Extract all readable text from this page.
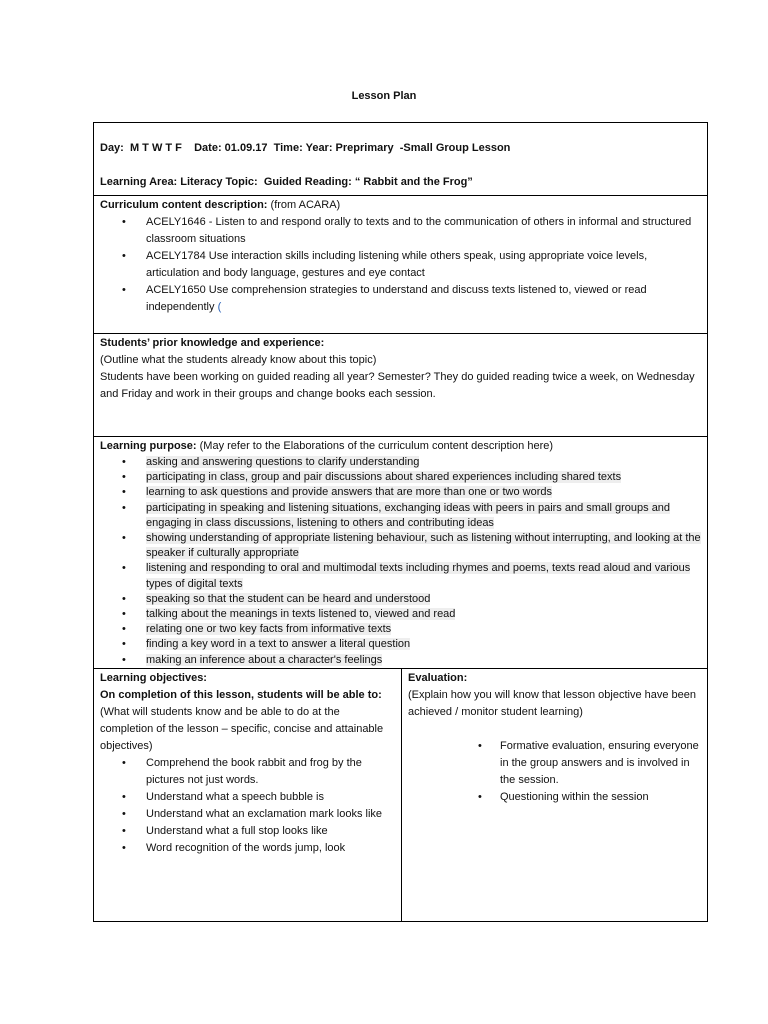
Lesson Plan
Day:  M T W T F    Date: 01.09.17  Time: Year: Preprimary  -Small Group Lesson
Learning Area: Literacy Topic:  Guided Reading: “ Rabbit and the Frog”
Curriculum content description: (from ACARA)
• ACELY1646 - Listen to and respond orally to texts and to the communication of others in informal and structured classroom situations
• ACELY1784 Use interaction skills including listening while others speak, using appropriate voice levels, articulation and body language, gestures and eye contact
• ACELY1650 Use comprehension strategies to understand and discuss texts listened to, viewed or read independently (
Students’ prior knowledge and experience:
(Outline what the students already know about this topic)
Students have been working on guided reading all year? Semester? They do guided reading twice a week, on Wednesday and Friday and work in their groups and change books each session.
Learning purpose: (May refer to the Elaborations of the curriculum content description here)
• asking and answering questions to clarify understanding
• participating in class, group and pair discussions about shared experiences including shared texts
• learning to ask questions and provide answers that are more than one or two words
• participating in speaking and listening situations, exchanging ideas with peers in pairs and small groups and engaging in class discussions, listening to others and contributing ideas
• showing understanding of appropriate listening behaviour, such as listening without interrupting, and looking at the speaker if culturally appropriate
• listening and responding to oral and multimodal texts including rhymes and poems, texts read aloud and various types of digital texts
• speaking so that the student can be heard and understood
• talking about the meanings in texts listened to, viewed and read
• relating one or two key facts from informative texts
• finding a key word in a text to answer a literal question
• making an inference about a character's feelings
Learning objectives:
On completion of this lesson, students will be able to:
(What will students know and be able to do at the completion of the lesson – specific, concise and attainable objectives)
• Comprehend the book rabbit and frog by the pictures not just words.
• Understand what a speech bubble is
• Understand what an exclamation mark looks like
• Understand what a full stop looks like
• Word recognition of the words jump, look
Evaluation:
(Explain how you will know that lesson objective have been achieved / monitor student learning)
• Formative evaluation, ensuring everyone in the group answers and is involved in the session.
• Questioning within the session
